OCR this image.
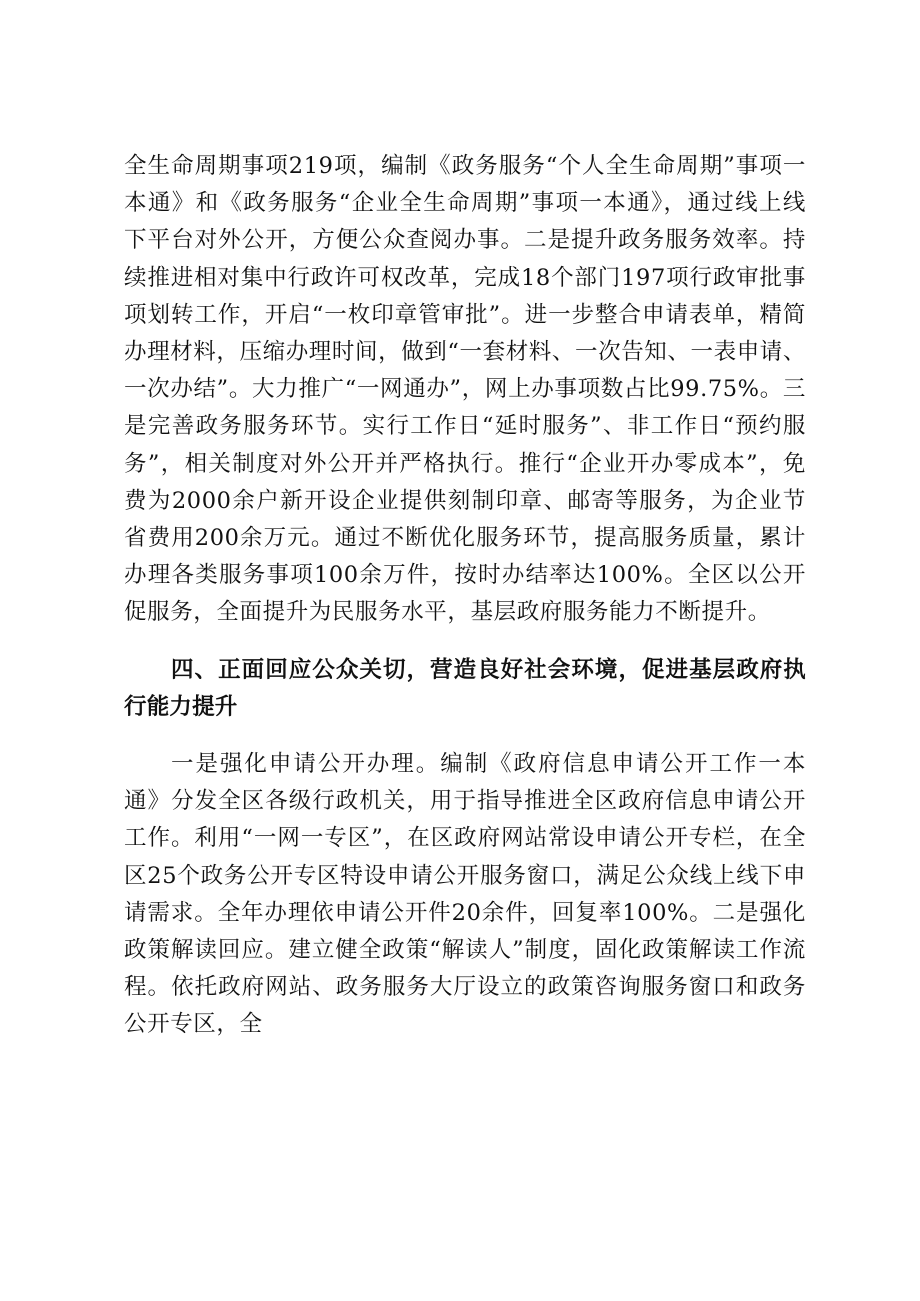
全生命周期事项219项，编制《政务服务“个人全生命周期”事项一本通》和《政务服务“企业全生命周期”事项一本通》，通过线上线下平台对外公开，方便公众查阅办事。二是提升政务服务效率。持续推进相对集中行政许可权改革，完成18个部门197项行政审批事项划转工作，开启“一枚印章管审批”。进一步整合申请表单，精简办理材料，压缩办理时间，做到“一套材料、一次告知、一表申请、一次办结”。大力推广“一网通办”，网上办事项数占比99.75%。三是完善政务服务环节。实行工作日“延时服务”、非工作日“预约服务”，相关制度对外公开并严格执行。推行“企业开办零成本”，免费为2000余户新开设企业提供刻制印章、邮寄等服务，为企业节省费用200余万元。通过不断优化服务环节，提高服务质量，累计办理各类服务事项100余万件，按时办结率达100%。全区以公开促服务，全面提升为民服务水平，基层政府服务能力不断提升。

四、正面回应公众关切，营造良好社会环境，促进基层政府执行能力提升

一是强化申请公开办理。编制《政府信息申请公开工作一本通》分发全区各级行政机关，用于指导推进全区政府信息申请公开工作。利用“一网一专区”，在区政府网站常设申请公开专栏，在全区25个政务公开专区特设申请公开服务窗口，满足公众线上线下申请需求。全年办理依申请公开件20余件，回复率100%。二是强化政策解读回应。建立健全政策“解读人”制度，固化政策解读工作流程。依托政府网站、政务服务大厅设立的政策咨询服务窗口和政务公开专区，全
